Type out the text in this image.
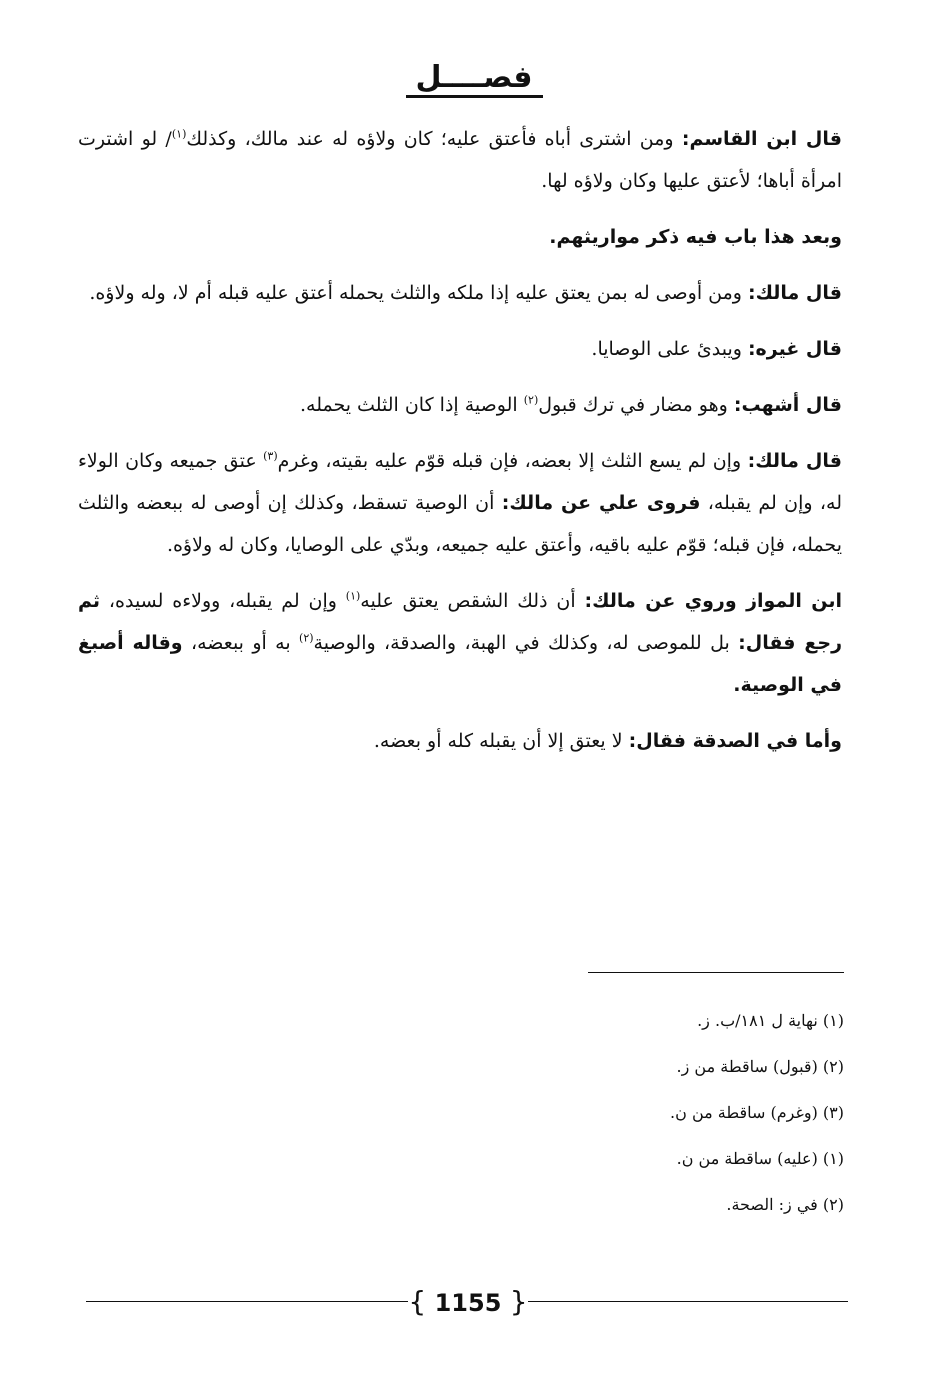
فصــــل

قال ابن القاسم: ومن اشترى أباه فأعتق عليه؛ كان ولاؤه له عند مالك، وكذلك$^{(١)}$/ لو اشترت امرأة أباها؛ لأعتق عليها وكان ولاؤه لها.

وبعد هذا باب فيه ذكر مواريثهم.

قال مالك: ومن أوصى له بمن يعتق عليه إذا ملكه والثلث يحمله أعتق عليه قبله أم لا، وله ولاؤه.

قال غيره: ويبدئ على الوصايا.

قال أشهب: وهو مضار في ترك قبول$^{(٢)}$ الوصية إذا كان الثلث يحمله.

قال مالك: وإن لم يسع الثلث إلا بعضه، فإن قبله قوّم عليه بقيته، وغرم$^{(٣)}$ عتق جميعه وكان الولاء له، وإن لم يقبله، فروى علي عن مالك: أن الوصية تسقط، وكذلك إن أوصى له ببعضه والثلث يحمله، فإن قبله؛ قوّم عليه باقيه، وأعتق عليه جميعه، وبدّي على الوصايا، وكان له ولاؤه.

ابن المواز وروي عن مالك: أن ذلك الشقص يعتق عليه$^{(١)}$ وإن لم يقبله، وولاءه لسيده، ثم رجع فقال: بل للموصى له، وكذلك في الهبة، والصدقة، والوصية$^{(٢)}$ به أو ببعضه، وقاله أصبغ في الوصية.

وأما في الصدقة فقال: لا يعتق إلا أن يقبله كله أو بعضه.

(١) نهاية ل ١٨١/ب. ز.
(٢) (قبول) ساقطة من ز.
(٣) (وغرم) ساقطة من ن.
(١) (عليه) ساقطة من ن.
(٢) في ز: الصحة.
{ 1155 }
